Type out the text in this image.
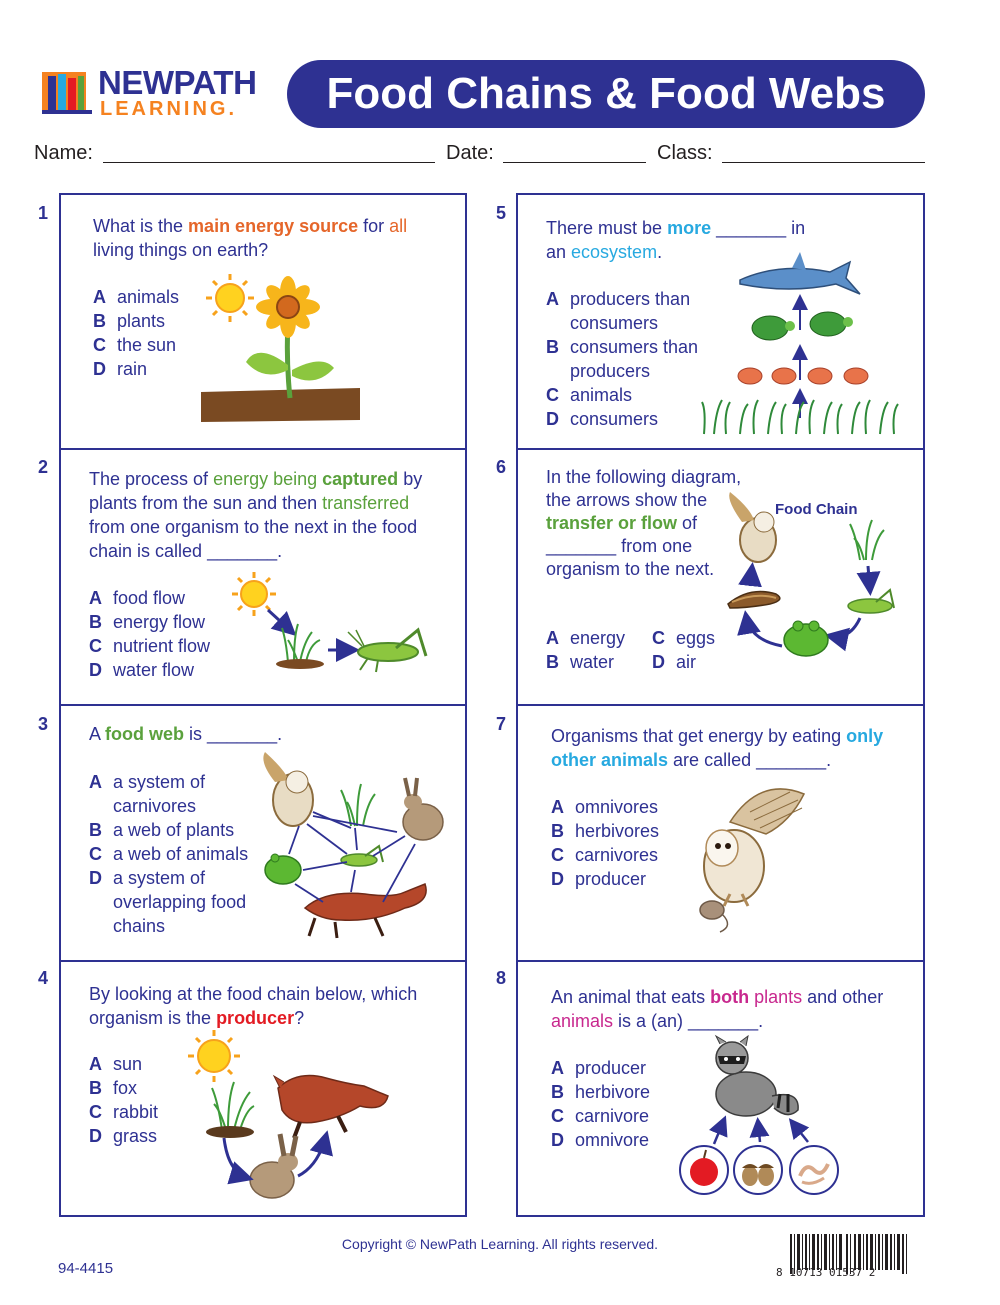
NEWPATH
LEARNING.	Food Chains & Food Webs
Name:	Date:	Class:
1
What is the main energy source for all living things on earth?
A animals
B plants
C the sun
D rain
2
The process of energy being captured by plants from the sun and then transferred from one organism to the next in the food chain is called _______.
A food flow
B energy flow
C nutrient flow
D water flow
3 A food web is _______.
A a system of carnivores
B a web of plants
C a web of animals
D a system of overlapping food chains
4
By looking at the food chain below, which organism is the producer?
A sun
B fox
C rabbit
D grass
5
There must be more _______ in an ecosystem.
A producers than consumers
B consumers than producers
C animals
D consumers
6 In the following diagram, the arrows show the transfer or flow of _______ from one organism to the next.
A energy
B water
C eggs
D air
Food Chain
7
Organisms that get energy by eating only other animals are called _______.
A omnivores
B herbivores
C carnivores
D producer
8
An animal that eats both plants and other animals is a (an) _______.
A producer
B herbivore
C carnivore
D omnivore
Copyright © NewPath Learning. All rights reserved.
94-4415	8 10713 01537 2
